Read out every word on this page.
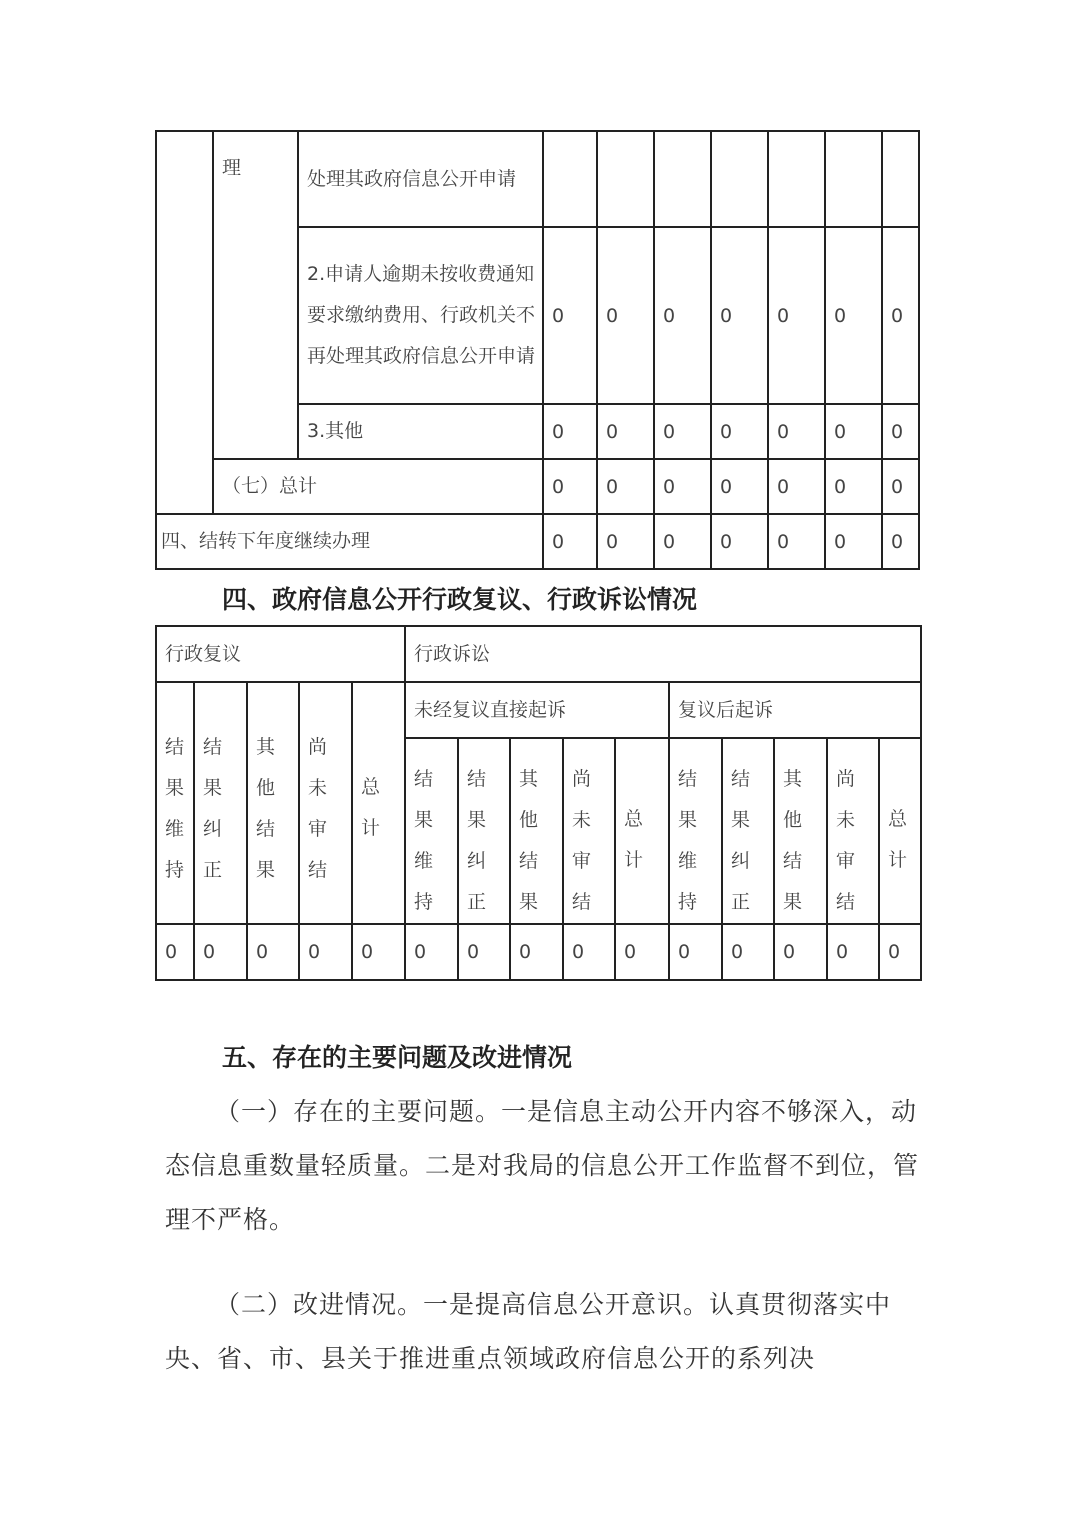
	理	处理其政府信息公开申请							
		2.申请人逾期未按收费通知要求缴纳费用、行政机关不再处理其政府信息公开申请	0	0	0	0	0	0	0
		3.其他	0	0	0	0	0	0	0
	（七）总计		0	0	0	0	0	0	0
四、结转下年度继续办理			0	0	0	0	0	0	0
四、政府信息公开行政复议、行政诉讼情况
行政复议					行政诉讼									

结果维持	结果纠正	其他结果	尚未审结	总计	未经复议直接起诉					复议后起诉				

					结果维持	结果纠正	其他结果	尚未审结	总计	结果维持	结果纠正	其他结果	尚未审结	总计

0	0	0	0	0	0	0	0	0	0	0	0	0	0	0
五、存在的主要问题及改进情况

（一）存在的主要问题。一是信息主动公开内容不够深入，动态信息重数量轻质量。二是对我局的信息公开工作监督不到位，管理不严格。

（二）改进情况。一是提高信息公开意识。认真贯彻落实中央、省、市、县关于推进重点领域政府信息公开的系列决
